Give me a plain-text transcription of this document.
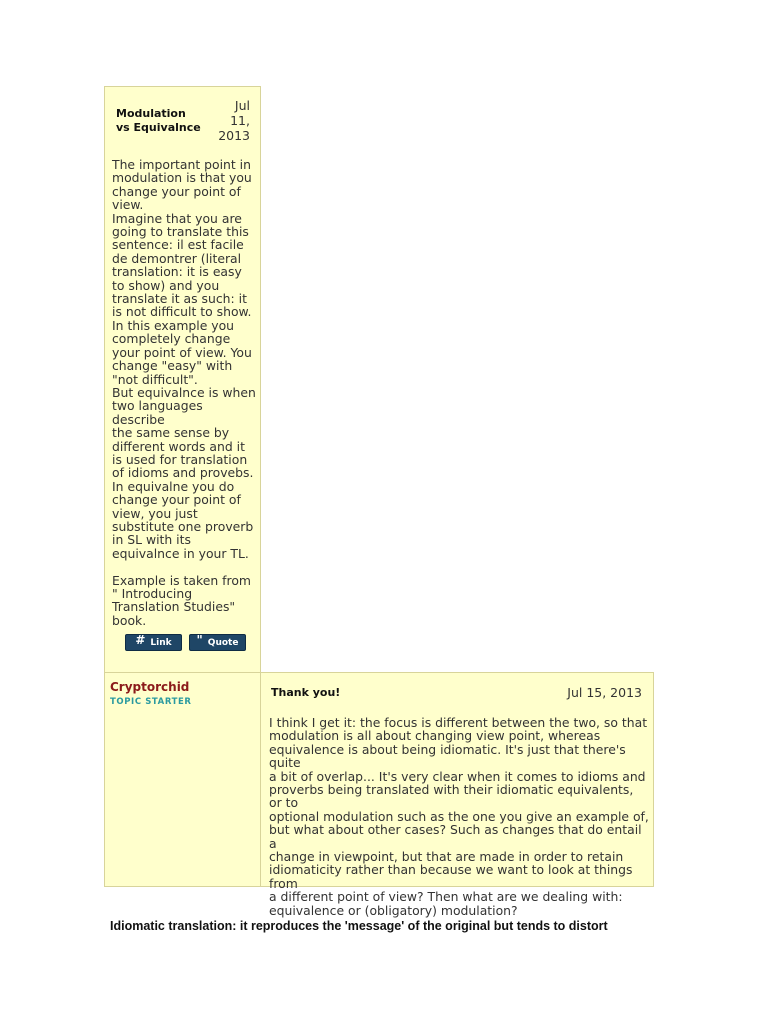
Modulation
vs Equivalnce
Jul
11,
2013

The important point in
modulation is that you
change your point of
view.
Imagine that you are
going to translate this
sentence: il est facile
de demontrer (literal
translation: it is easy
to show) and you
translate it as such: it
is not difficult to show.
In this example you
completely change
your point of view. You
change "easy" with
"not difficult".
But equivalnce is when
two languages describe
the same sense by
different words and it
is used for translation
of idioms and provebs.
In equivalne you do
change your point of
view, you just
substitute one proverb
in SL with its
equivalnce in your TL.

Example is taken from
" Introducing
Translation Studies"
book.

# Link " Quote
Cryptorchid
TOPIC STARTER
Thank you!	Jul 15, 2013

I think I get it: the focus is different between the two, so that
modulation is all about changing view point, whereas
equivalence is about being idiomatic. It's just that there's quite
a bit of overlap... It's very clear when it comes to idioms and
proverbs being translated with their idiomatic equivalents, or to
optional modulation such as the one you give an example of,
but what about other cases? Such as changes that do entail a
change in viewpoint, but that are made in order to retain
idiomaticity rather than because we want to look at things from
a different point of view? Then what are we dealing with:
equivalence or (obligatory) modulation?

Idiomatic translation: it reproduces the 'message' of the original but tends to distort
